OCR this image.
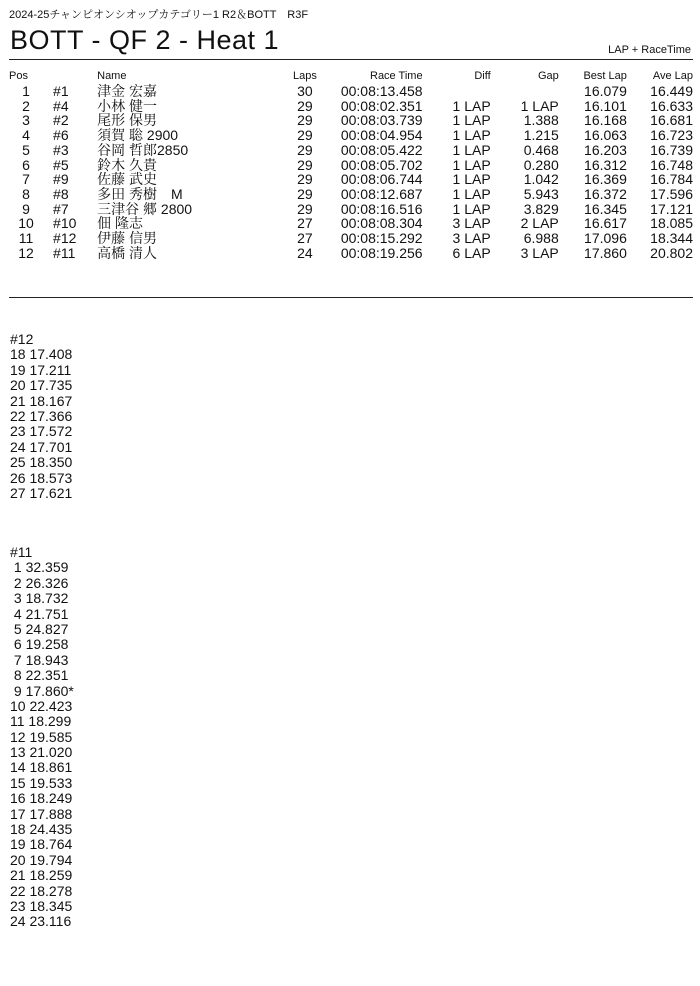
2024-25チャンピオンシオップカテゴリー1 R2＆BOTT　R3F
BOTT - QF 2 - Heat 1	LAP + RaceTime
Pos		Name	Laps	Race Time	Diff	Gap	Best Lap	Ave Lap
1	#1	津金 宏嘉	30	00:08:13.458			16.079	16.449
2	#4	小林 健一	29	00:08:02.351	1 LAP	1 LAP	16.101	16.633
3	#2	尾形 保男	29	00:08:03.739	1 LAP	1.388	16.168	16.681
4	#6	須賀 聡 2900	29	00:08:04.954	1 LAP	1.215	16.063	16.723
5	#3	谷岡 哲郎2850	29	00:08:05.422	1 LAP	0.468	16.203	16.739
6	#5	鈴木 久貴	29	00:08:05.702	1 LAP	0.280	16.312	16.748
7	#9	佐藤 武史	29	00:08:06.744	1 LAP	1.042	16.369	16.784
8	#8	多田 秀樹　M	29	00:08:12.687	1 LAP	5.943	16.372	17.596
9	#7	三津谷 郷 2800	29	00:08:16.516	1 LAP	3.829	16.345	17.121
10	#10	佃 隆志	27	00:08:08.304	3 LAP	2 LAP	16.617	18.085
11	#12	伊藤 信男	27	00:08:15.292	3 LAP	6.988	17.096	18.344
12	#11	高橋 清人	24	00:08:19.256	6 LAP	3 LAP	17.860	20.802
#12
18 17.408
19 17.211
20 17.735
21 18.167
22 17.366
23 17.572
24 17.701
25 18.350
26 18.573
27 17.621
#11
1 32.359
2 26.326
3 18.732
4 21.751
5 24.827
6 19.258
7 18.943
8 22.351
9 17.860*
10 22.423
11 18.299
12 19.585
13 21.020
14 18.861
15 19.533
16 18.249
17 17.888
18 24.435
19 18.764
20 19.794
21 18.259
22 18.278
23 18.345
24 23.116
